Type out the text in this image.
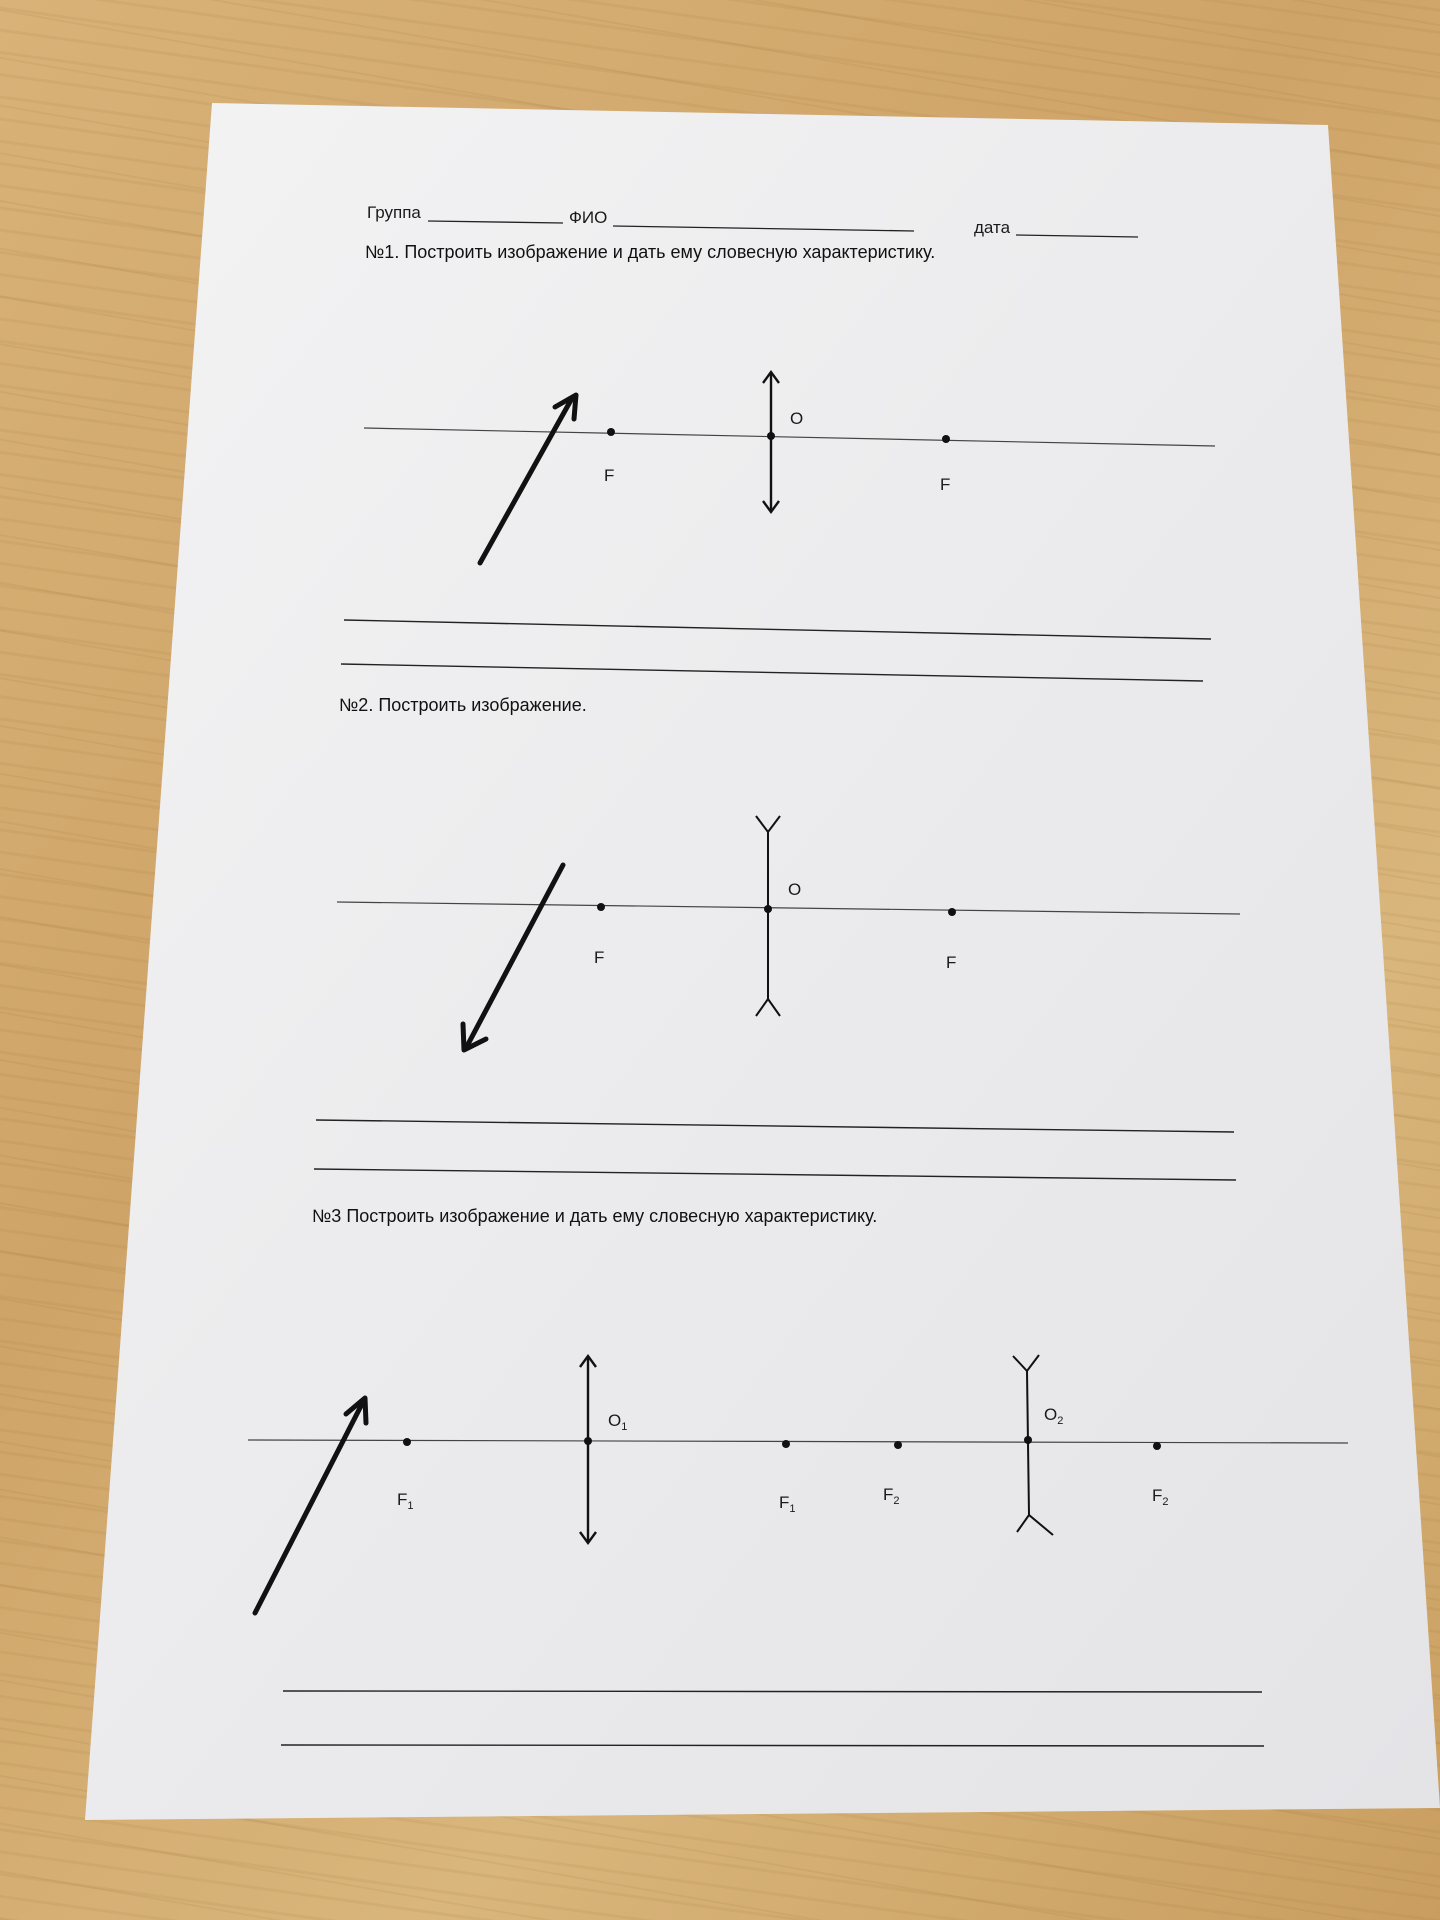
Группа	ФИО
дата
№1. Построить изображение и дать ему словесную характеристику.
O
F	F
№2. Построить изображение.
O
F	F
№3 Построить изображение и дать ему словесную характеристику.
$O_1$
$O_2$
$F_1$	$F_1$
$F_2$	$F_2$
